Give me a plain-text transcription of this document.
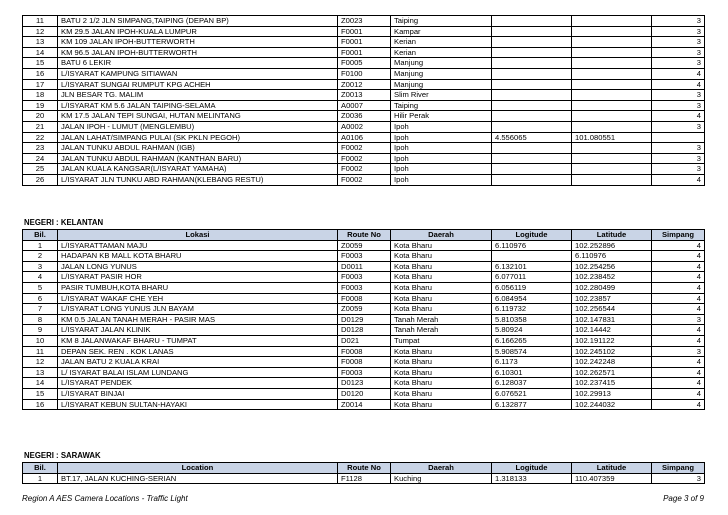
11	BATU 2 1/2 JLN SIMPANG,TAIPING (DEPAN BP)	Z0023	Taiping			3
12	KM 29.5 JALAN IPOH-KUALA LUMPUR	F0001	Kampar			3
13	KM 109 JALAN IPOH-BUTTERWORTH	F0001	Kerian			3
14	KM 96.5 JALAN IPOH-BUTTERWORTH	F0001	Kerian			3
15	BATU 6 LEKIR	F0005	Manjung			3
16	L/ISYARAT KAMPUNG SITIAWAN	F0100	Manjung			4
17	L/ISYARAT SUNGAI RUMPUT KPG ACHEH	Z0012	Manjung			4
18	JLN BESAR TG. MALIM	Z0013	Slim River			3
19	L/ISYARAT KM 5.6 JALAN TAIPING-SELAMA	A0007	Taiping			3
20	KM 17.5 JALAN TEPI SUNGAI, HUTAN MELINTANG	Z0036	Hilir Perak			4
21	JALAN IPOH - LUMUT (MENGLEMBU)	A0002	Ipoh			3
22	JALAN LAHAT/SIMPANG PULAI (SK PKLN PEGOH)	A0106	Ipoh	4.556065	101.080551	
23	JALAN TUNKU ABDUL RAHMAN (IGB)	F0002	Ipoh			3
24	JALAN TUNKU ABDUL RAHMAN (KANTHAN BARU)	F0002	Ipoh			3
25	JALAN KUALA KANGSAR(L/ISYARAT YAMAHA)	F0002	Ipoh			3
26	L/ISYARAT JLN TUNKU ABD RAHMAN(KLEBANG RESTU)	F0002	Ipoh			4
NEGERI : KELANTAN
Bil.	Lokasi	Route No	Daerah	Logitude	Latitude	Simpang
1	L/ISYARATTAMAN MAJU	Z0059	Kota Bharu	6.110976	102.252896	4
2	HADAPAN KB MALL KOTA BHARU	F0003	Kota Bharu		6.110976	4
3	JALAN LONG YUNUS	D0011	Kota Bharu	6.132101	102.254256	4
4	L/ISYARAT PASIR HOR	F0003	Kota Bharu	6.077011	102.238452	4
5	PASIR TUMBUH,KOTA BHARU	F0003	Kota Bharu	6.056119	102.280499	4
6	L/ISYARAT WAKAF CHE YEH	F0008	Kota Bharu	6.084954	102.23857	4
7	L/ISYARAT LONG YUNUS JLN BAYAM	Z0059	Kota Bharu	6.119732	102.256544	4
8	KM 0.5 JALAN TANAH MERAH - PASIR MAS	D0129	Tanah Merah	5.810358	102.147831	3
9	L/ISYARAT JALAN KLINIK	D0128	Tanah Merah	5.80924	102.14442	4
10	KM 8 JALANWAKAF BHARU - TUMPAT	D021	Tumpat	6.166265	102.191122	4
11	DEPAN SEK. REN . KOK LANAS	F0008	Kota Bharu	5.908574	102.245102	3
12	JALAN BATU 2 KUALA KRAI	F0008	Kota Bharu	6.1173	102.242248	4
13	L/ ISYARAT BALAI ISLAM LUNDANG	F0003	Kota Bharu	6.10301	102.262571	4
14	L/ISYARAT PENDEK	D0123	Kota Bharu	6.128037	102.237415	4
15	L/ISYARAT BINJAI	D0120	Kota Bharu	6.076521	102.29913	4
16	L/ISYARAT KEBUN SULTAN-HAYAKI	Z0014	Kota Bharu	6.132877	102.244032	4
NEGERI : SARAWAK
Bil.	Location	Route No	Daerah	Logitude	Latitude	Simpang
1	BT.17, JALAN KUCHING-SERIAN	F1128	Kuching	1.318133	110.407359	3
Region A AES Camera Locations - Traffic Light	Page 3 of 9
